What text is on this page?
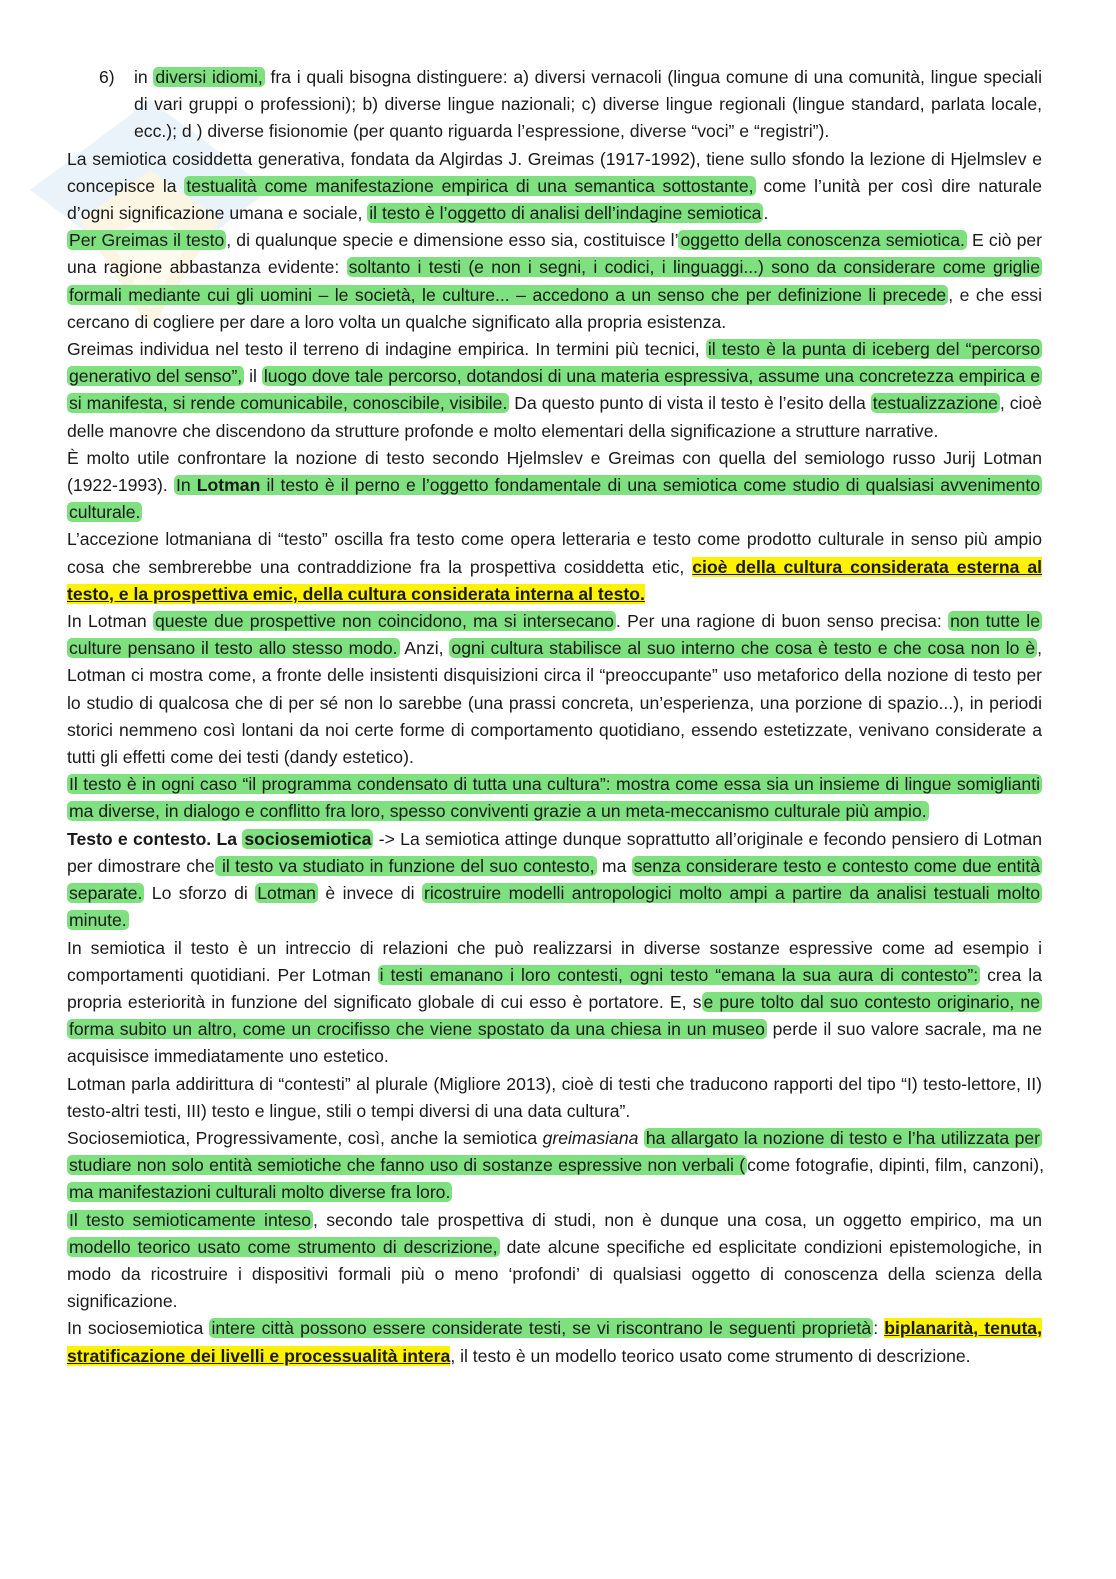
6)	in diversi idiomi, fra i quali bisogna distinguere: a) diversi vernacoli (lingua comune di una comunità, lingue speciali di vari gruppi o professioni); b) diverse lingue nazionali; c) diverse lingue regionali (lingue standard, parlata locale, ecc.); d ) diverse fisionomie (per quanto riguarda l’espressione, diverse “voci” e “registri”).

La semiotica cosiddetta generativa, fondata da Algirdas J. Greimas (1917-1992), tiene sullo sfondo la lezione di Hjelmslev e concepisce la testualità come manifestazione empirica di una semantica sottostante, come l’unità per così dire naturale d’ogni significazione umana e sociale, il testo è l’oggetto di analisi dell’indagine semiotica .

Per Greimas il testo , di qualunque specie e dimensione esso sia, costituisce l’ oggetto della conoscenza semiotica. E ciò per una ragione abbastanza evidente: soltanto i testi (e non i segni, i codici, i linguaggi...) sono da considerare come griglie formali mediante cui gli uomini – le società, le culture... – accedono a un senso che per definizione li precede , e che essi cercano di cogliere per dare a loro volta un qualche significato alla propria esistenza.

Greimas individua nel testo il terreno di indagine empirica. In termini più tecnici, il testo è la punta di iceberg del “percorso generativo del senso”, il luogo dove tale percorso, dotandosi di una materia espressiva, assume una concretezza empirica e si manifesta, si rende comunicabile, conoscibile, visibile. Da questo punto di vista il testo è l’esito della testualizzazione , cioè delle manovre che discendono da strutture profonde e molto elementari della significazione a strutture narrative.

È molto utile confrontare la nozione di testo secondo Hjelmslev e Greimas con quella del semiologo russo Jurij Lotman (1922-1993). In Lotman il testo è il perno e l’oggetto fondamentale di una semiotica come studio di qualsiasi avvenimento culturale.

L’accezione lotmaniana di “testo” oscilla fra testo come opera letteraria e testo come prodotto culturale in senso più ampio cosa che sembrerebbe una contraddizione fra la prospettiva cosiddetta etic, cioè della cultura considerata esterna al testo, e la prospettiva emic, della cultura considerata interna al testo.

In Lotman queste due prospettive non coincidono, ma si intersecano . Per una ragione di buon senso precisa: non tutte le culture pensano il testo allo stesso modo. Anzi, ogni cultura stabilisce al suo interno che cosa è testo e che cosa non lo è , Lotman ci mostra come, a fronte delle insistenti disquisizioni circa il “preoccupante” uso metaforico della nozione di testo per lo studio di qualcosa che di per sé non lo sarebbe (una prassi concreta, un’esperienza, una porzione di spazio...), in periodi storici nemmeno così lontani da noi certe forme di comportamento quotidiano, essendo estetizzate, venivano considerate a tutti gli effetti come dei testi (dandy estetico).

Il testo è in ogni caso “il programma condensato di tutta una cultura”: mostra come essa sia un insieme di lingue somiglianti ma diverse, in dialogo e conflitto fra loro, spesso conviventi grazie a un meta-meccanismo culturale più ampio.

Testo e contesto. La sociosemiotica -> La semiotica attinge dunque soprattutto all’originale e fecondo pensiero di Lotman per dimostrare che il testo va studiato in funzione del suo contesto, ma senza considerare testo e contesto come due entità separate. Lo sforzo di Lotman è invece di ricostruire modelli antropologici molto ampi a partire da analisi testuali molto minute.

In semiotica il testo è un intreccio di relazioni che può realizzarsi in diverse sostanze espressive come ad esempio i comportamenti quotidiani. Per Lotman i testi emanano i loro contesti, ogni testo “emana la sua aura di contesto”: crea la propria esteriorità in funzione del significato globale di cui esso è portatore. E, s e pure tolto dal suo contesto originario, ne forma subito un altro, come un crocifisso che viene spostato da una chiesa in un museo perde il suo valore sacrale, ma ne acquisisce immediatamente uno estetico.

Lotman parla addirittura di “contesti” al plurale (Migliore 2013), cioè di testi che traducono rapporti del tipo “I) testo-lettore, II) testo-altri testi, III) testo e lingue, stili o tempi diversi di una data cultura”.

Sociosemiotica, Progressivamente, così, anche la semiotica greimasiana ha allargato la nozione di testo e l’ha utilizzata per studiare non solo entità semiotiche che fanno uso di sostanze espressive non verbali ( come fotografie, dipinti, film, canzoni), ma manifestazioni culturali molto diverse fra loro.

Il testo semioticamente inteso , secondo tale prospettiva di studi, non è dunque una cosa, un oggetto empirico, ma un modello teorico usato come strumento di descrizione, date alcune specifiche ed esplicitate condizioni epistemologiche, in modo da ricostruire i dispositivi formali più o meno ‘profondi’ di qualsiasi oggetto di conoscenza della scienza della significazione.

In sociosemiotica intere città possono essere considerate testi, se vi riscontrano le seguenti proprietà : biplanarità, tenuta, stratificazione dei livelli e processualità intera, il testo è un modello teorico usato come strumento di descrizione.
